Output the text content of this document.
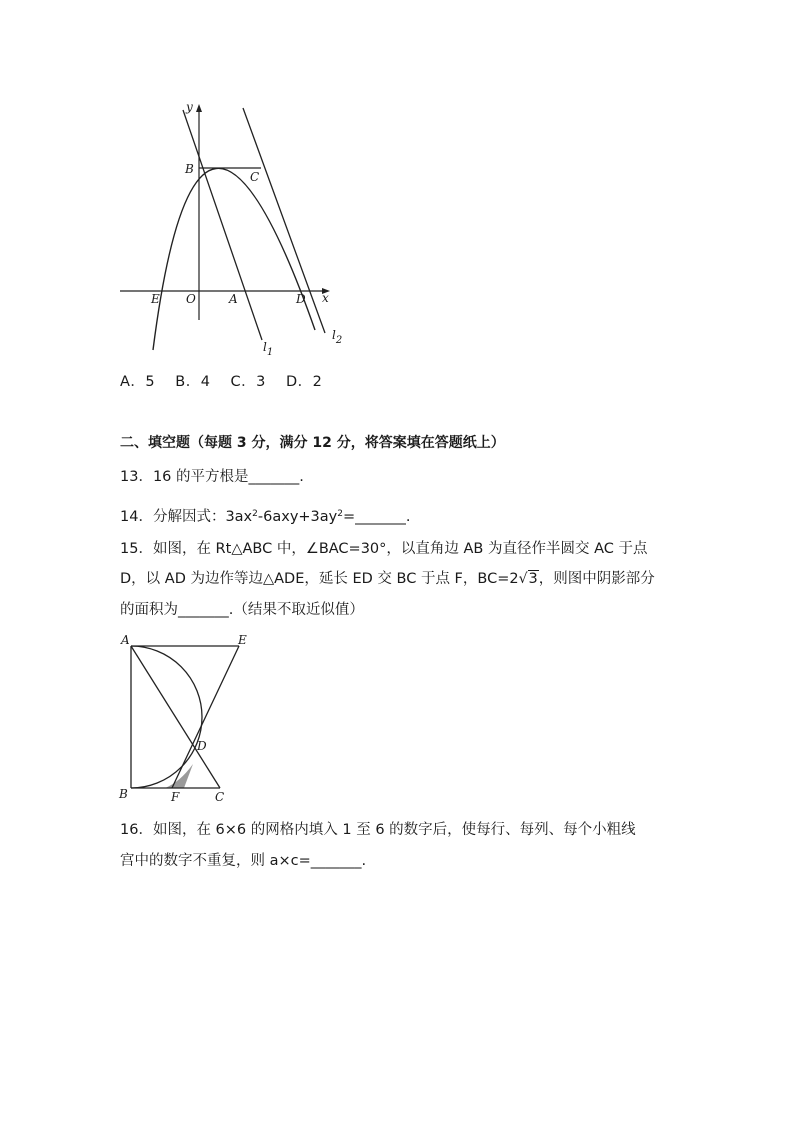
y
x
B
C
E O	A	D
$l_1$
$l_2$
A．5　 B．4　 C．3　 D．2
二、填空题（每题 3 分，满分 12 分，将答案填在答题纸上）
13．16 的平方根是_______.
14．分解因式：$3ax^2-6axy+3ay^2=\_\_\_\_\_\_\_$.
15．如图，在 Rt△ABC 中，∠BAC=30°，以直角边 AB 为直径作半圆交 AC 于点
D，以 AD 为边作等边△ADE，延长 ED 交 BC 于点 F，BC=2√3，则图中阴影部分
的面积为_______.（结果不取近似值）
A	E
D
B	F	C
16．如图，在 6×6 的网格内填入 1 至 6 的数字后，使每行、每列、每个小粗线
宫中的数字不重复，则 a×c=_______.
